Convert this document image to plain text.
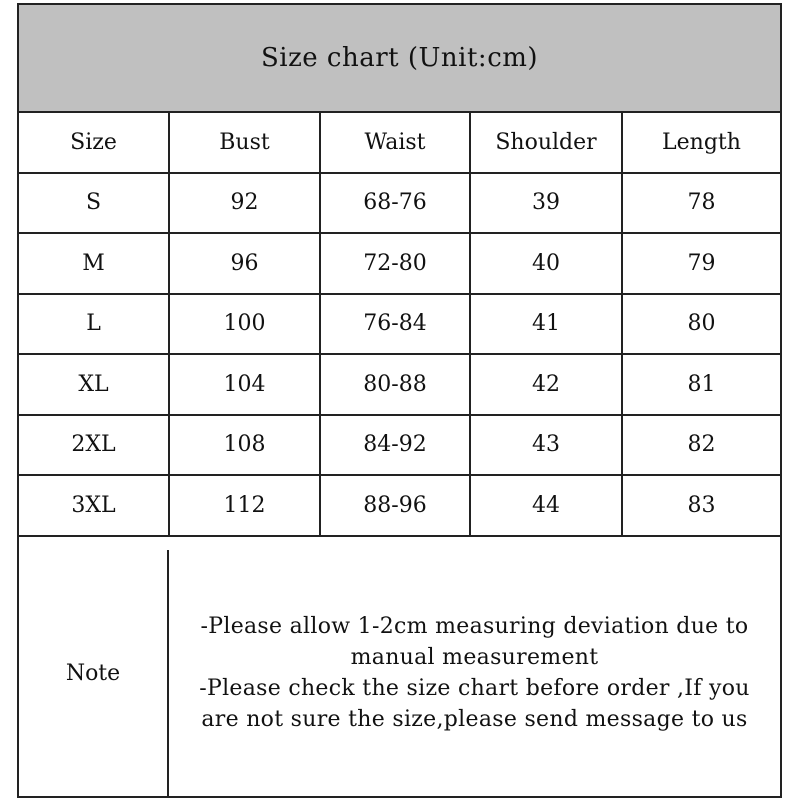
Size chart (Unit:cm)
Size	Bust	Waist	Shoulder	Length
S	92	68-76	39	78
M	96	72-80	40	79
L	100	76-84	41	80
XL	104	80-88	42	81
2XL	108	84-92	43	82
3XL	112	88-96	44	83
Note
-Please allow 1-2cm measuring deviation due to manual measurement
-Please check the size chart before order ,If you are not sure the size,please send message to us
